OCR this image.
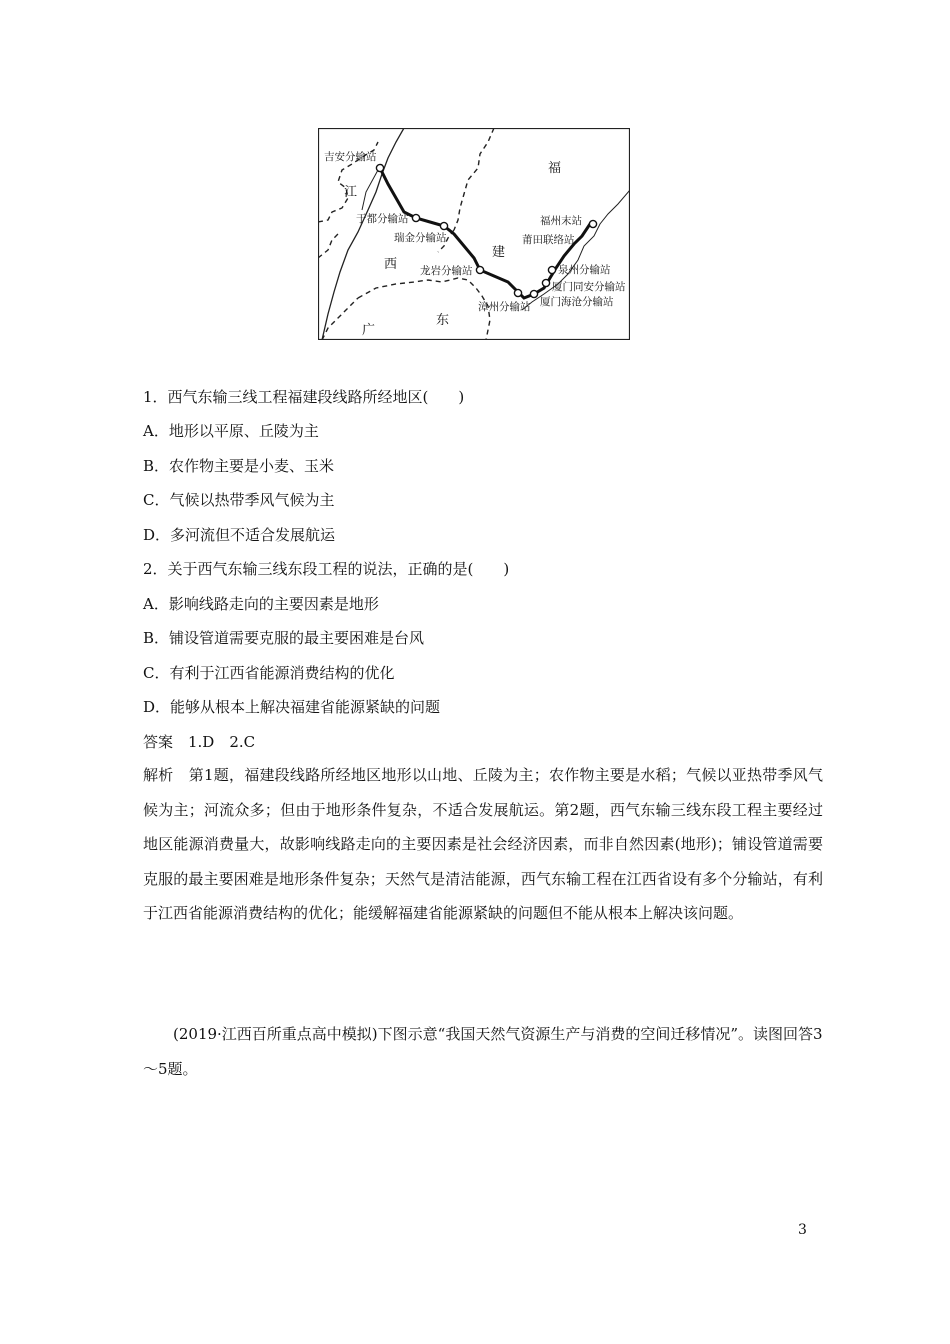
福
建
江
西
广
东
吉安分输站
于都分输站
瑞金分输站
龙岩分输站
漳州分输站
福州末站
莆田联络站
泉州分输站
厦门同安分输站
厦门海沧分输站
1．西气东输三线工程福建段线路所经地区(　　)
A．地形以平原、丘陵为主
B．农作物主要是小麦、玉米
C．气候以热带季风气候为主
D．多河流但不适合发展航运
2．关于西气东输三线东段工程的说法，正确的是(　　)
A．影响线路走向的主要因素是地形
B．铺设管道需要克服的最主要困难是台风
C．有利于江西省能源消费结构的优化
D．能够从根本上解决福建省能源紧缺的问题
答案　1.D　2.C
解析　第1题，福建段线路所经地区地形以山地、丘陵为主；农作物主要是水稻；气候以亚热带季风气候为主；河流众多；但由于地形条件复杂，不适合发展航运。第2题，西气东输三线东段工程主要经过地区能源消费量大，故影响线路走向的主要因素是社会经济因素，而非自然因素(地形)；铺设管道需要克服的最主要困难是地形条件复杂；天然气是清洁能源，西气东输工程在江西省设有多个分输站，有利于江西省能源消费结构的优化；能缓解福建省能源紧缺的问题但不能从根本上解决该问题。
(2019·江西百所重点高中模拟)下图示意“我国天然气资源生产与消费的空间迁移情况”。读图回答3～5题。
3
